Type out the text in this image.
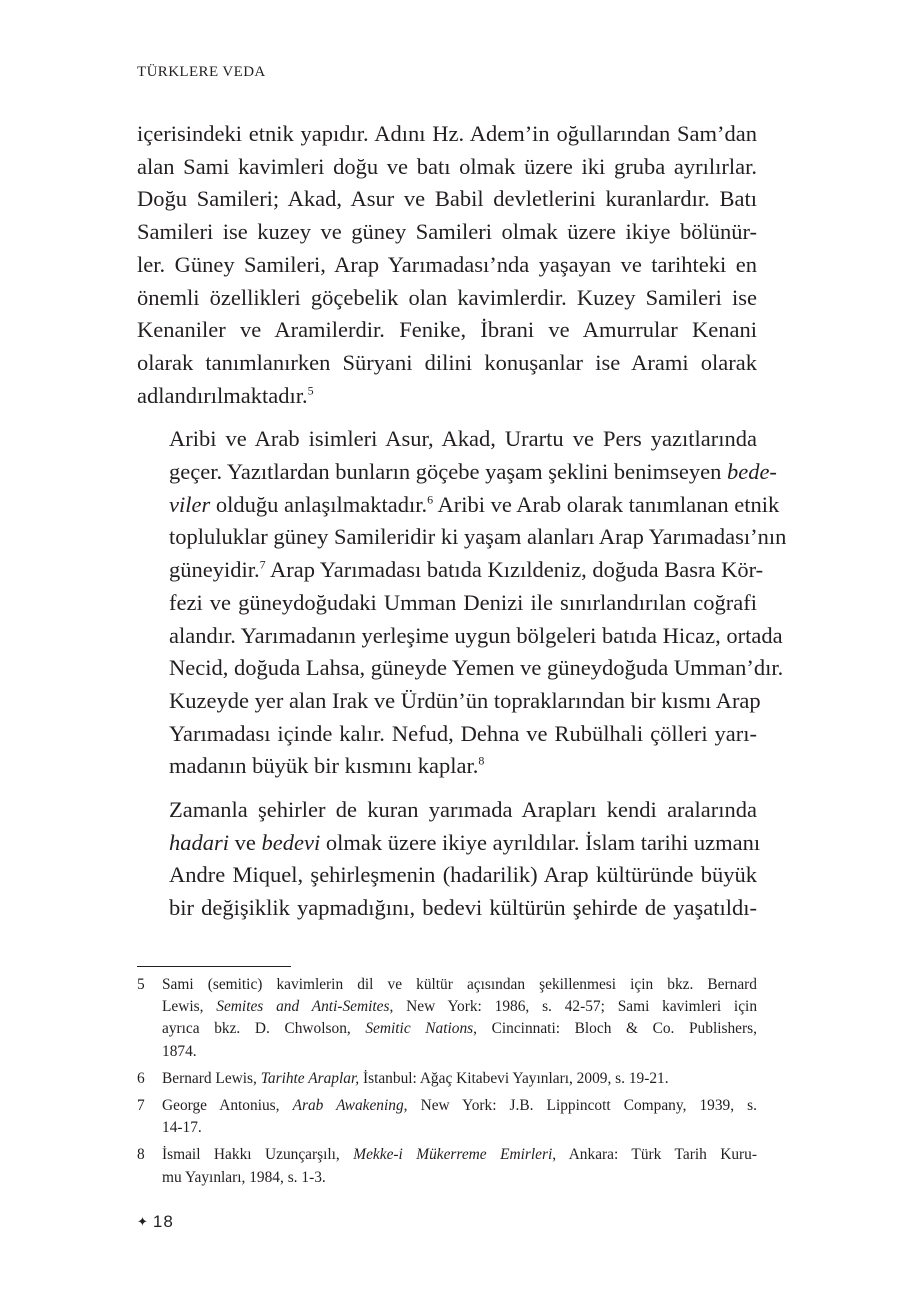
TÜRKLERE VEDA

içerisindeki etnik yapıdır. Adını Hz. Adem’in oğullarından Sam’dan
alan Sami kavimleri doğu ve batı olmak üzere iki gruba ayrılırlar.
Doğu Samileri; Akad, Asur ve Babil devletlerini kuranlardır. Batı
Samileri ise kuzey ve güney Samileri olmak üzere ikiye bölünür-
ler. Güney Samileri, Arap Yarımadası’nda yaşayan ve tarihteki en
önemli özellikleri göçebelik olan kavimlerdir. Kuzey Samileri ise
Kenaniler ve Aramilerdir. Fenike, İbrani ve Amurrular Kenani
olarak tanımlanırken Süryani dilini konuşanlar ise Arami olarak
adlandırılmaktadır.$^5$

Aribi ve Arab isimleri Asur, Akad, Urartu ve Pers yazıtlarında
geçer. Yazıtlardan bunların göçebe yaşam şeklini benimseyen bede-
viler olduğu anlaşılmaktadır.$^6$ Aribi ve Arab olarak tanımlanan etnik
topluluklar güney Samileridir ki yaşam alanları Arap Yarımadası’nın
güneyidir.$^7$ Arap Yarımadası batıda Kızıldeniz, doğuda Basra Kör-
fezi ve güneydoğudaki Umman Denizi ile sınırlandırılan coğrafi
alandır. Yarımadanın yerleşime uygun bölgeleri batıda Hicaz, ortada
Necid, doğuda Lahsa, güneyde Yemen ve güneydoğuda Umman’dır.
Kuzeyde yer alan Irak ve Ürdün’ün topraklarından bir kısmı Arap
Yarımadası içinde kalır. Nefud, Dehna ve Rubülhali çölleri yarı-
madanın büyük bir kısmını kaplar.$^8$

Zamanla şehirler de kuran yarımada Arapları kendi aralarında
hadari ve bedevi olmak üzere ikiye ayrıldılar. İslam tarihi uzmanı
Andre Miquel, şehirleşmenin (hadarilik) Arap kültüründe büyük
bir değişiklik yapmadığını, bedevi kültürün şehirde de yaşatıldı-

5 Sami (semitic) kavimlerin dil ve kültür açısından şekillenmesi için bkz. Bernard
Lewis, Semites and Anti-Semites, New York: 1986, s. 42-57; Sami kavimleri için
ayrıca bkz. D. Chwolson, Semitic Nations, Cincinnati: Bloch & Co. Publishers,
1874.
6 Bernard Lewis, Tarihte Araplar, İstanbul: Ağaç Kitabevi Yayınları, 2009, s. 19-21.
7 George Antonius, Arab Awakening, New York: J.B. Lippincott Company, 1939, s.
14-17.
8 İsmail Hakkı Uzunçarşılı, Mekke-i Mükerreme Emirleri, Ankara: Türk Tarih Kuru-
mu Yayınları, 1984, s. 1-3.
✦ 18
